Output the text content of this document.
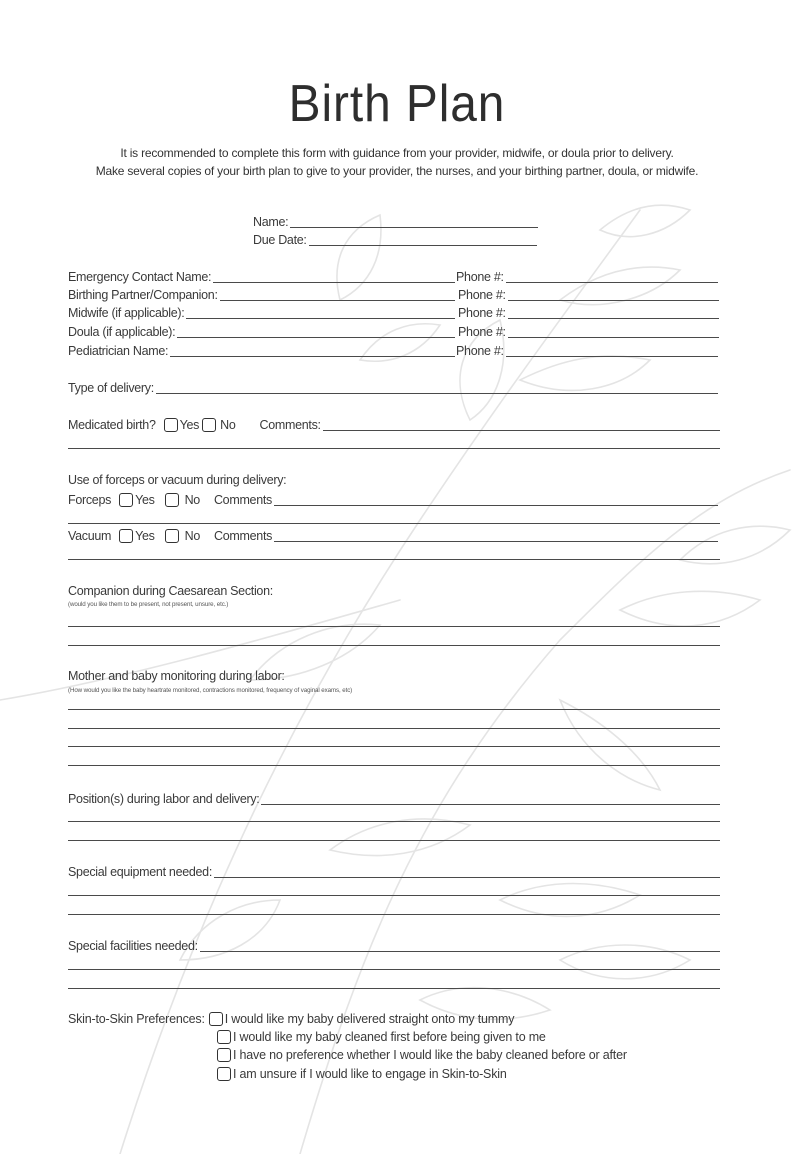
Birth Plan
It is recommended to complete this form with guidance from your provider, midwife, or doula prior to delivery.
Make several copies of your birth plan to give to your provider, the nurses, and your birthing partner, doula, or midwife.
Name:
Due Date:
Emergency Contact Name:	Phone #:
Birthing Partner/Companion:	Phone #:
Midwife (if applicable):	Phone #:
Doula (if applicable):	Phone #:
Pediatrician Name:	Phone #:
Type of delivery:
Medicated birth?	Yes No	Comments:
Use of forceps or vacuum during delivery:
Forceps	Yes	No	Comments
Vacuum	Yes	No	Comments
Companion during Caesarean Section:
(would you like them to be present, not present, unsure, etc.)
Mother and baby monitoring during labor:
(How would you like the baby heartrate monitored, contractions monitored, frequency of vaginal exams, etc)
Position(s) during labor and delivery:
Special equipment needed:
Special facilities needed:
Skin-to-Skin Preferences:	I would like my baby delivered straight onto my tummy
I would like my baby cleaned first before being given to me
I have no preference whether I would like the baby cleaned before or after
I am unsure if I would like to engage in Skin-to-Skin
